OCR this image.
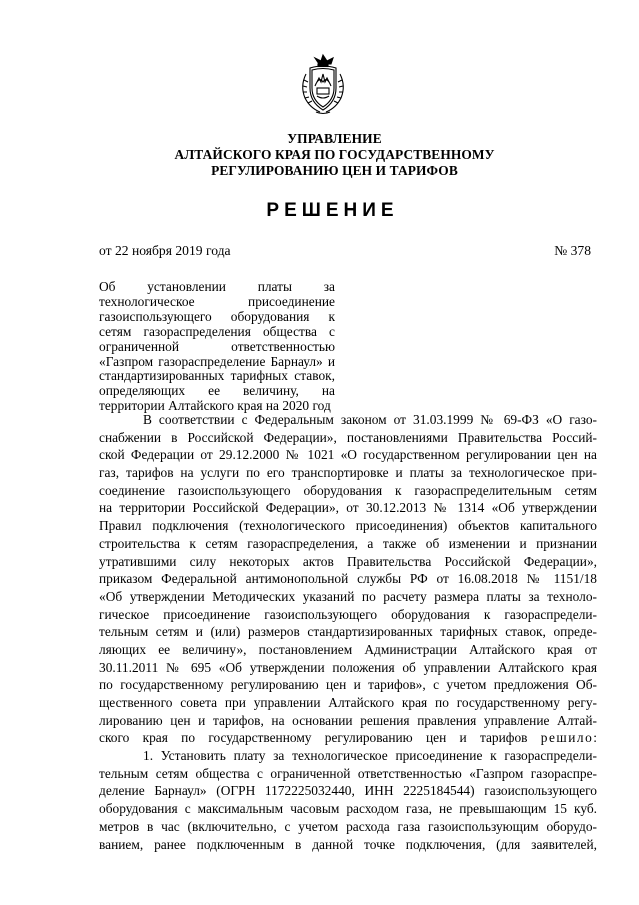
УПРАВЛЕНИЕ
АЛТАЙСКОГО КРАЯ ПО ГОСУДАРСТВЕННОМУ
РЕГУЛИРОВАНИЮ ЦЕН И ТАРИФОВ
РЕШЕНИЕ
от 22 ноября 2019 года	№ 378
Об установлении платы за технологическое присоединение газоиспользующего оборудования к сетям газораспределения общества с ограниченной ответственностью «Газпром газораспределение Барнаул» и стандартизированных тарифных ставок, определяющих ее величину, на территории Алтайского края на 2020 год
В соответствии с Федеральным законом от 31.03.1999 № 69-ФЗ «О газо-
снабжении в Российской Федерации», постановлениями Правительства Россий-
ской Федерации от 29.12.2000 № 1021 «О государственном регулировании цен на
газ, тарифов на услуги по его транспортировке и платы за технологическое при-
соединение газоиспользующего оборудования к газораспределительным сетям
на территории Российской Федерации», от 30.12.2013 № 1314 «Об утверждении
Правил подключения (технологического присоединения) объектов капитального
строительства к сетям газораспределения, а также об изменении и признании
утратившими силу некоторых актов Правительства Российской Федерации»,
приказом Федеральной антимонопольной службы РФ от 16.08.2018 № 1151/18
«Об утверждении Методических указаний по расчету размера платы за техноло-
гическое присоединение газоиспользующего оборудования к газораспредели-
тельным сетям и (или) размеров стандартизированных тарифных ставок, опреде-
ляющих ее величину», постановлением Администрации Алтайского края от
30.11.2011 № 695 «Об утверждении положения об управлении Алтайского края
по государственному регулированию цен и тарифов», с учетом предложения Об-
щественного совета при управлении Алтайского края по государственному регу-
лированию цен и тарифов, на основании решения правления управление Алтай-
ского края по государственному регулированию цен и тарифов решило:
1. Установить плату за технологическое присоединение к газораспредели-
тельным сетям общества с ограниченной ответственностью «Газпром газораспре-
деление Барнаул» (ОГРН 1172225032440, ИНН 2225184544) газоиспользующего
оборудования с максимальным часовым расходом газа, не превышающим 15 куб.
метров в час (включительно, с учетом расхода газа газоиспользующим оборудо-
ванием, ранее подключенным в данной точке подключения, (для заявителей,
